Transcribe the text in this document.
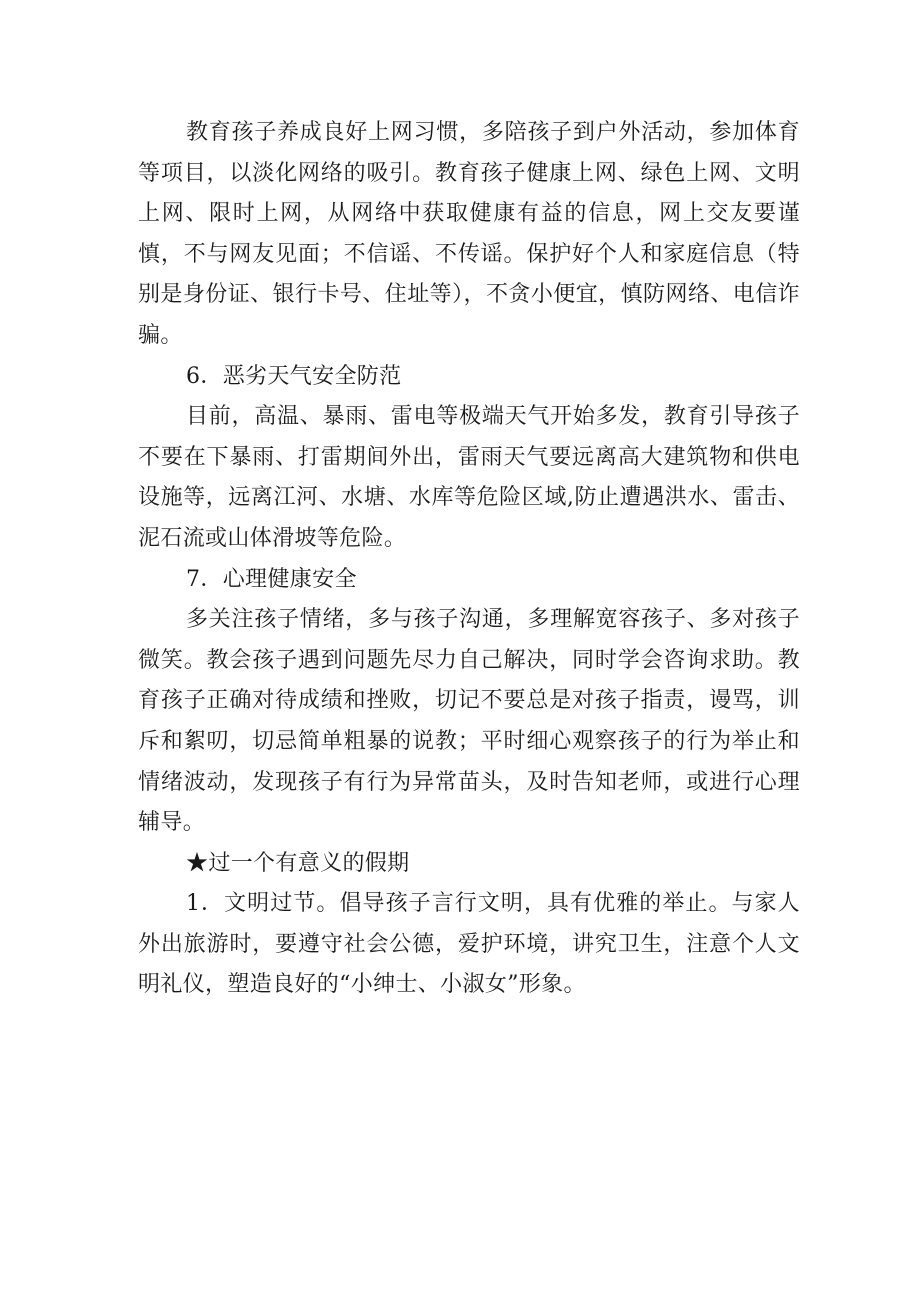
教育孩子养成良好上网习惯，多陪孩子到户外活动，参加体育等项目，以淡化网络的吸引。教育孩子健康上网、绿色上网、文明上网、限时上网，从网络中获取健康有益的信息，网上交友要谨慎，不与网友见面；不信谣、不传谣。保护好个人和家庭信息（特别是身份证、银行卡号、住址等），不贪小便宜，慎防网络、电信诈骗。

6．恶劣天气安全防范

目前，高温、暴雨、雷电等极端天气开始多发，教育引导孩子不要在下暴雨、打雷期间外出，雷雨天气要远离高大建筑物和供电设施等，远离江河、水塘、水库等危险区域,防止遭遇洪水、雷击、泥石流或山体滑坡等危险。

7．心理健康安全

多关注孩子情绪，多与孩子沟通，多理解宽容孩子、多对孩子微笑。教会孩子遇到问题先尽力自己解决，同时学会咨询求助。教育孩子正确对待成绩和挫败，切记不要总是对孩子指责，谩骂，训斥和絮叨，切忌简单粗暴的说教；平时细心观察孩子的行为举止和情绪波动，发现孩子有行为异常苗头，及时告知老师，或进行心理辅导。

★过一个有意义的假期

1．文明过节。倡导孩子言行文明，具有优雅的举止。与家人外出旅游时，要遵守社会公德，爱护环境，讲究卫生，注意个人文明礼仪，塑造良好的“小绅士、小淑女”形象。
